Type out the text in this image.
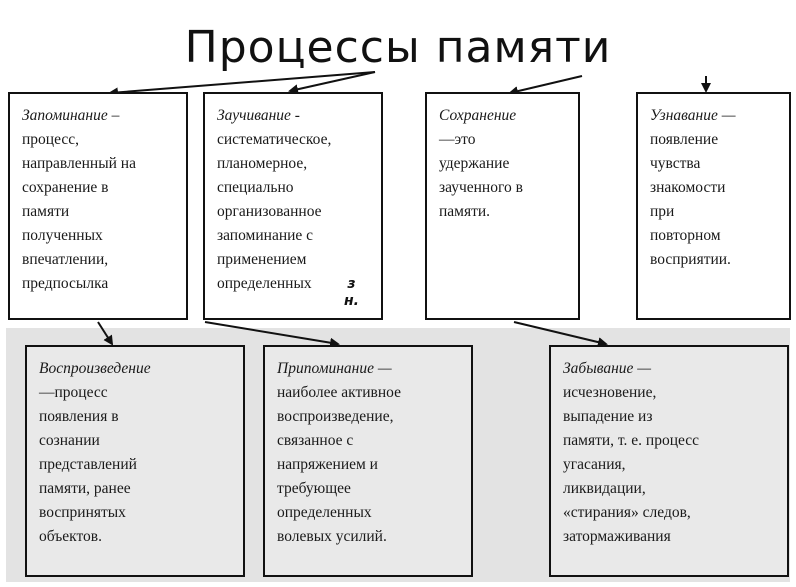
Процессы памяти

Запоминание –

процесс,
направленный на
сохранение в
памяти
полученных
впечатлении,
предпосылка

Заучивание -

систематическое,
планомерное,
специально
организованное
запоминание с
применением
определенных	з
н.

Сохранение

—это
удержание
заученного в
памяти.

Узнавание —

появление
чувства
знакомости
при
повторном
восприятии.

Воспроизведение

—процесс
появления в
сознании
представлений
памяти, ранее
воспринятых
объектов.

Припоминание —

наиболее активное
воспроизведение,
связанное с
напряжением и
требующее
определенных
волевых усилий.

Забывание —

исчезновение,
выпадение из
памяти, т. е. процесс
угасания,
ликвидации,
«стирания» следов,
затормаживания
